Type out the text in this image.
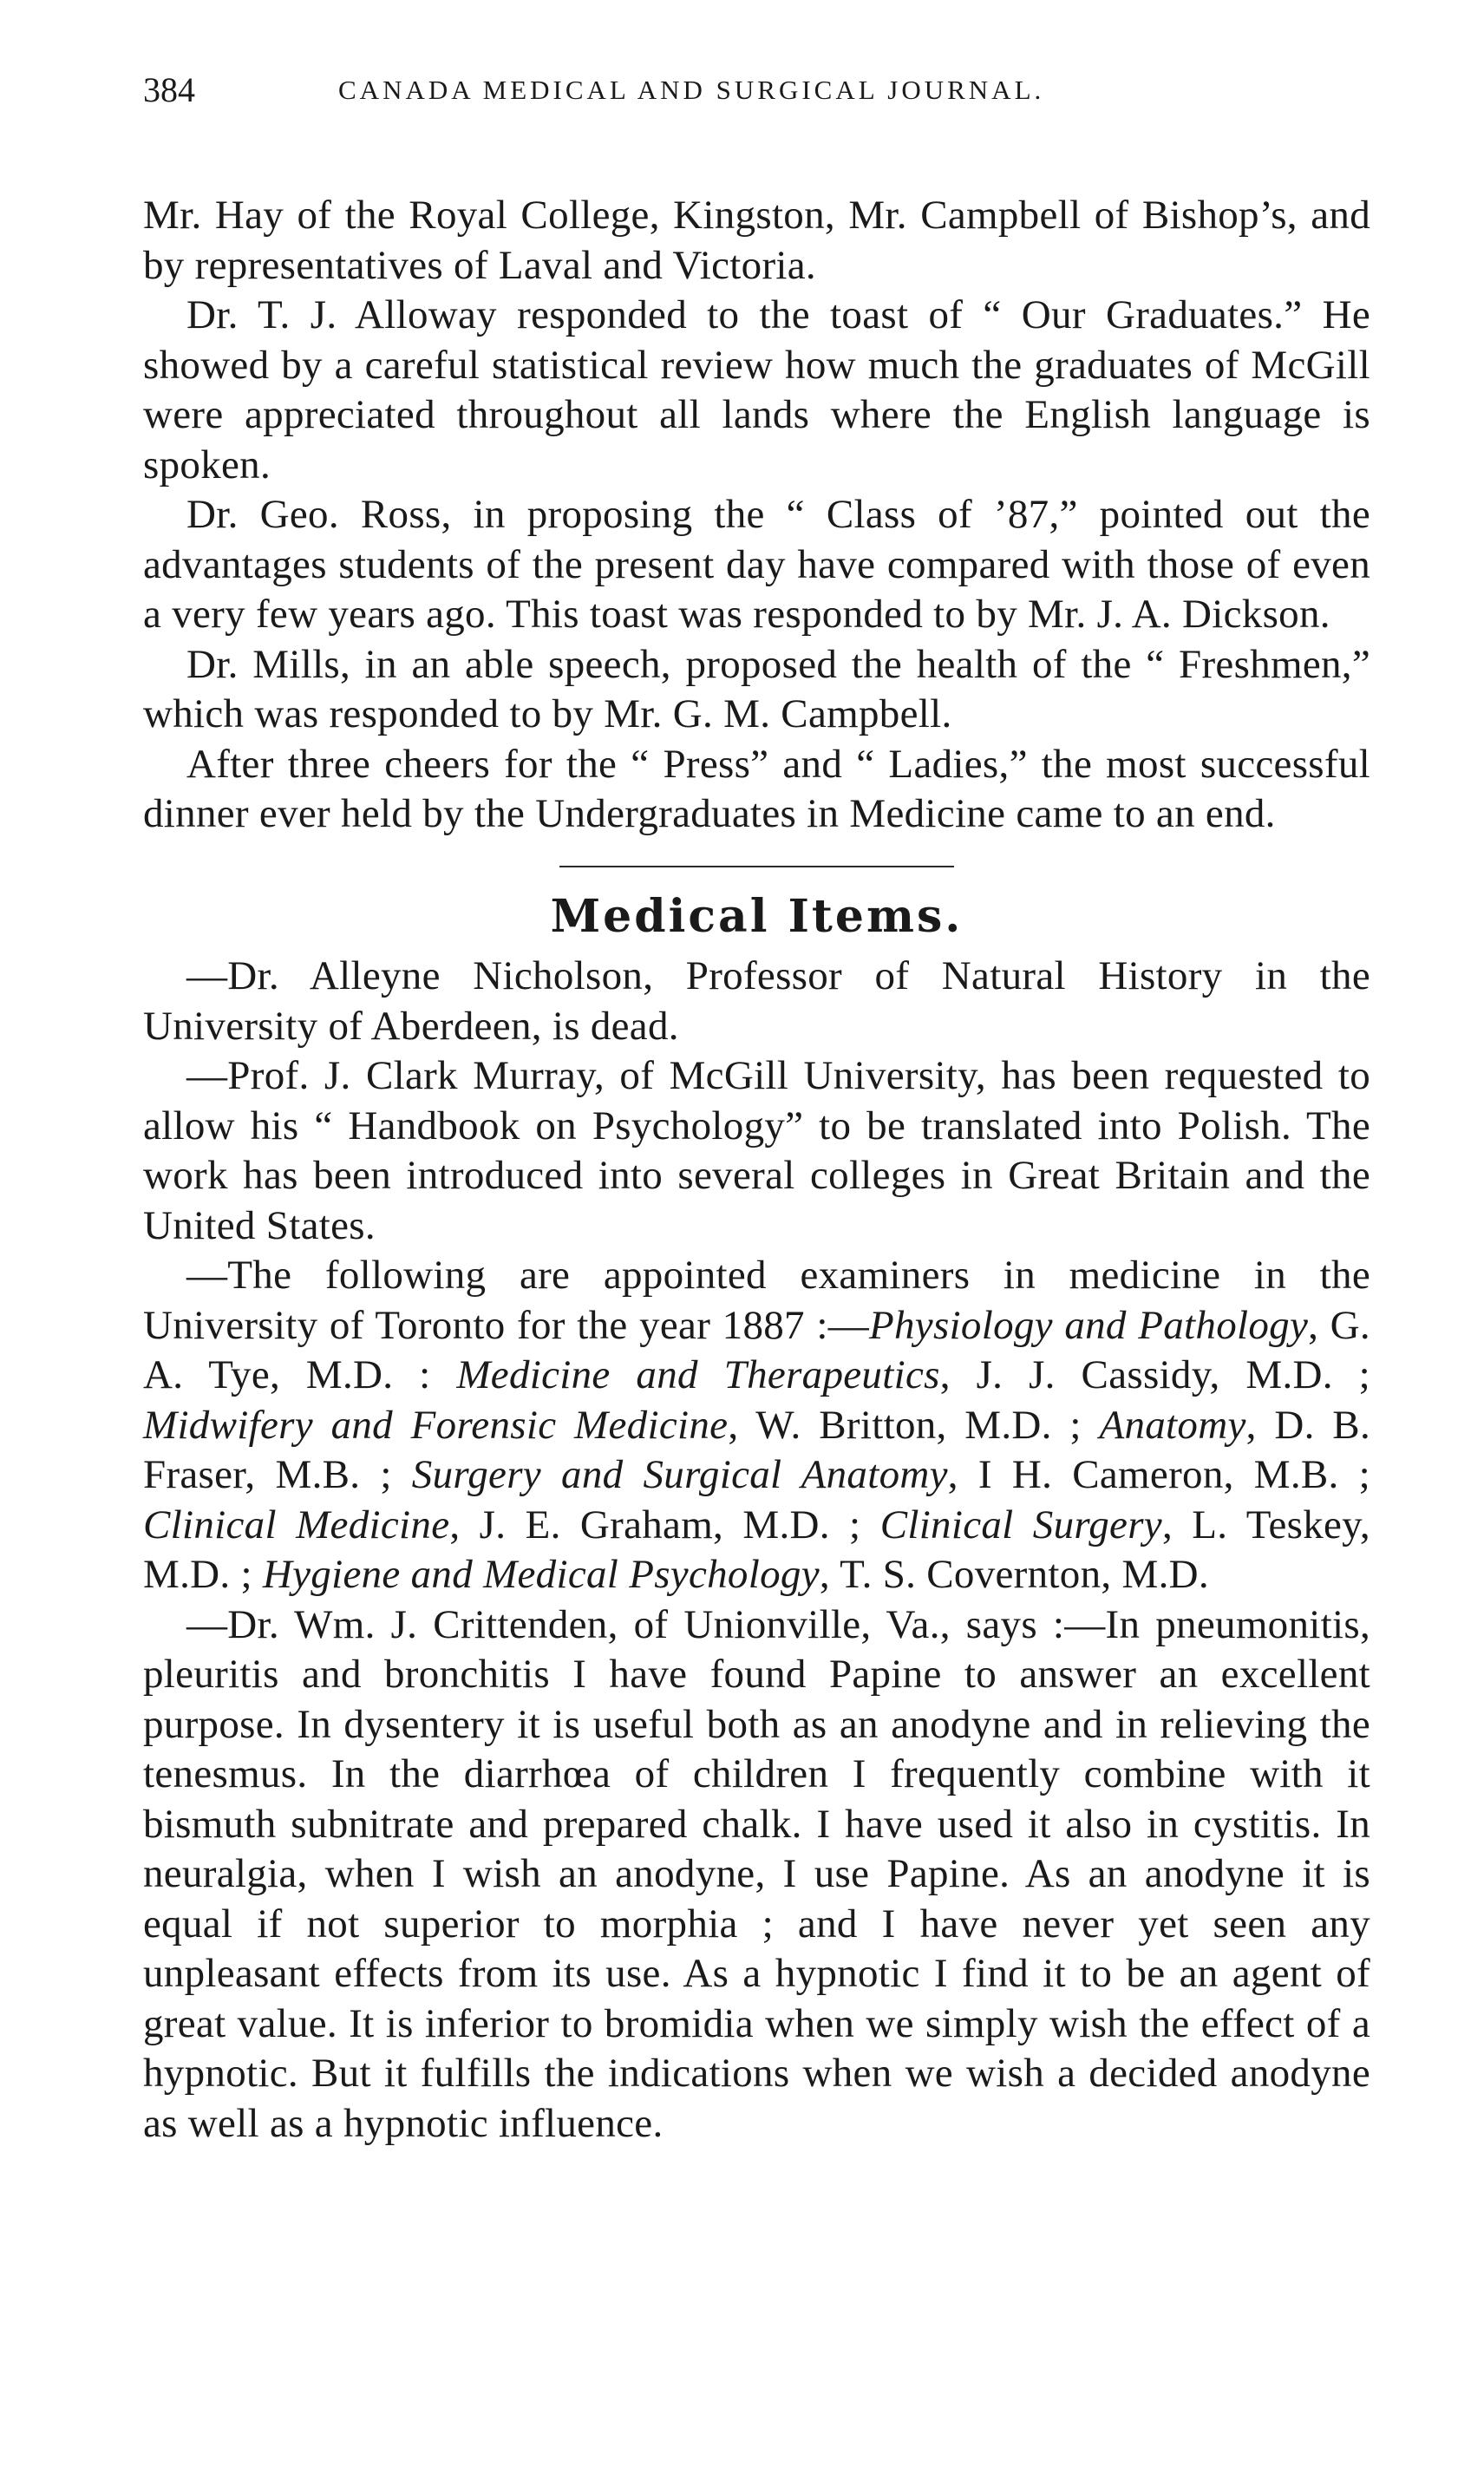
384	CANADA MEDICAL AND SURGICAL JOURNAL.

Mr. Hay of the Royal College, Kingston, Mr. Campbell of Bishop’s, and by representatives of Laval and Victoria.

Dr. T. J. Alloway responded to the toast of “ Our Graduates.” He showed by a careful statistical review how much the graduates of McGill were appreciated throughout all lands where the English language is spoken.

Dr. Geo. Ross, in proposing the “ Class of ’87,” pointed out the advantages students of the present day have compared with those of even a very few years ago. This toast was responded to by Mr. J. A. Dickson.

Dr. Mills, in an able speech, proposed the health of the “ Freshmen,” which was responded to by Mr. G. M. Campbell.

After three cheers for the “ Press” and “ Ladies,” the most successful dinner ever held by the Undergraduates in Medicine came to an end.

Medical Items.

—Dr. Alleyne Nicholson, Professor of Natural History in the University of Aberdeen, is dead.

—Prof. J. Clark Murray, of McGill University, has been requested to allow his “ Handbook on Psychology” to be translated into Polish. The work has been introduced into several colleges in Great Britain and the United States.

—The following are appointed examiners in medicine in the University of Toronto for the year 1887 :—Physiology and Pathology, G. A. Tye, M.D. : Medicine and Therapeutics, J. J. Cassidy, M.D. ; Midwifery and Forensic Medicine, W. Britton, M.D. ; Anatomy, D. B. Fraser, M.B. ; Surgery and Surgical Anatomy, I H. Cameron, M.B. ; Clinical Medicine, J. E. Graham, M.D. ; Clinical Surgery, L. Teskey, M.D. ; Hygiene and Medical Psychology, T. S. Covernton, M.D.

—Dr. Wm. J. Crittenden, of Unionville, Va., says :—In pneumonitis, pleuritis and bronchitis I have found Papine to answer an excellent purpose. In dysentery it is useful both as an anodyne and in relieving the tenesmus. In the diarrhœa of children I frequently combine with it bismuth subnitrate and prepared chalk. I have used it also in cystitis. In neuralgia, when I wish an anodyne, I use Papine. As an anodyne it is equal if not superior to morphia ; and I have never yet seen any unpleasant effects from its use. As a hypnotic I find it to be an agent of great value. It is inferior to bromidia when we simply wish the effect of a hypnotic. But it fulfills the indications when we wish a decided anodyne as well as a hypnotic influence.
